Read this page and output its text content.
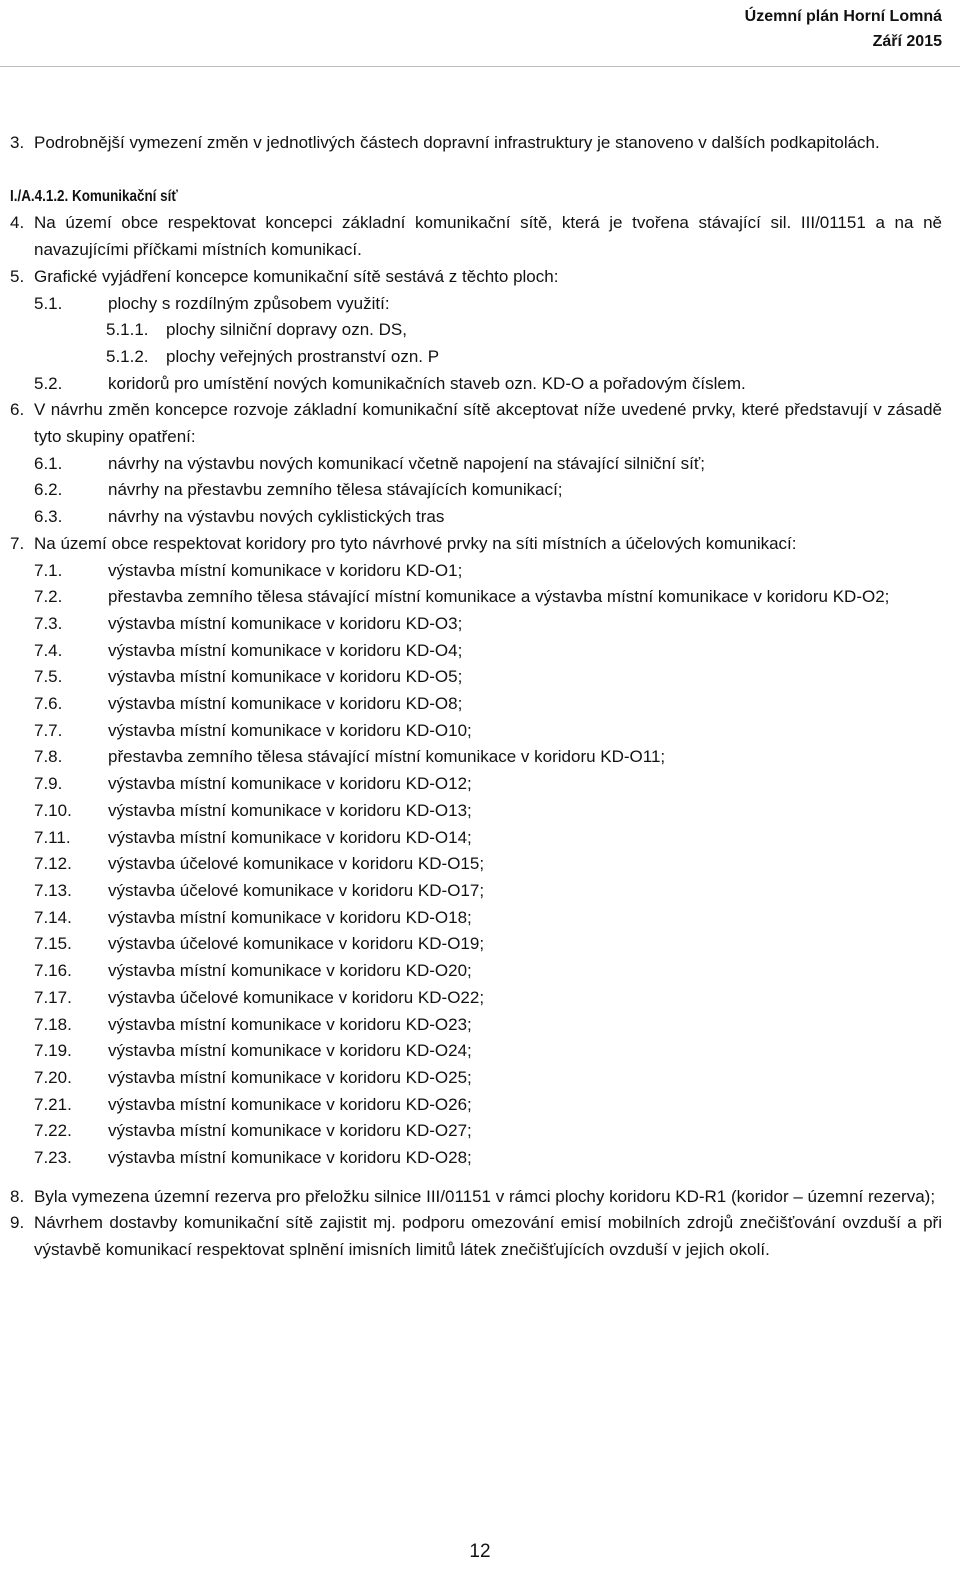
Územní plán Horní Lomná
Září 2015
3. Podrobnější vymezení změn v jednotlivých částech dopravní infrastruktury je stanoveno v dalších podkapitolách.
I./A.4.1.2. Komunikační síť
4. Na území obce respektovat koncepci základní komunikační sítě, která je tvořena stávající sil. III/01151 a na ně navazujícími příčkami místních komunikací.
5. Grafické vyjádření koncepce komunikační sítě sestává z těchto ploch:
5.1.	plochy s rozdílným způsobem využití:
5.1.1.	plochy silniční dopravy ozn. DS,
5.1.2.	plochy veřejných prostranství ozn. P
5.2.	koridorů pro umístění nových komunikačních staveb ozn. KD-O a pořadovým číslem.
6. V návrhu změn koncepce rozvoje základní komunikační sítě akceptovat níže uvedené prvky, které představují v zásadě tyto skupiny opatření:
6.1.	návrhy na výstavbu nových komunikací včetně napojení na stávající silniční síť;
6.2.	návrhy na přestavbu zemního tělesa stávajících komunikací;
6.3.	návrhy na výstavbu nových cyklistických tras
7. Na území obce respektovat koridory pro tyto návrhové prvky na síti místních a účelových komunikací:
7.1.	výstavba místní komunikace v koridoru KD-O1;
7.2.	přestavba zemního tělesa stávající místní komunikace a výstavba místní komunikace v koridoru KD-O2;
7.3.	výstavba místní komunikace v koridoru KD-O3;
7.4.	výstavba místní komunikace v koridoru KD-O4;
7.5.	výstavba místní komunikace v koridoru KD-O5;
7.6.	výstavba místní komunikace v koridoru KD-O8;
7.7.	výstavba místní komunikace v koridoru KD-O10;
7.8.	přestavba zemního tělesa stávající místní komunikace v koridoru KD-O11;
7.9.	výstavba místní komunikace v koridoru KD-O12;
7.10.	výstavba místní komunikace v koridoru KD-O13;
7.11.	výstavba místní komunikace v koridoru KD-O14;
7.12.	výstavba účelové komunikace v koridoru KD-O15;
7.13.	výstavba účelové komunikace v koridoru KD-O17;
7.14.	výstavba místní komunikace v koridoru KD-O18;
7.15.	výstavba účelové komunikace v koridoru KD-O19;
7.16.	výstavba místní komunikace v koridoru KD-O20;
7.17.	výstavba účelové komunikace v koridoru KD-O22;
7.18.	výstavba místní komunikace v koridoru KD-O23;
7.19.	výstavba místní komunikace v koridoru KD-O24;
7.20.	výstavba místní komunikace v koridoru KD-O25;
7.21.	výstavba místní komunikace v koridoru KD-O26;
7.22.	výstavba místní komunikace v koridoru KD-O27;
7.23.	výstavba místní komunikace v koridoru KD-O28;
8. Byla vymezena územní rezerva pro přeložku silnice III/01151 v rámci plochy koridoru KD-R1 (koridor – územní rezerva);
9. Návrhem dostavby komunikační sítě zajistit mj. podporu omezování emisí mobilních zdrojů znečišťování ovzduší a při výstavbě komunikací respektovat splnění imisních limitů látek znečišťujících ovzduší v jejich okolí.
12
